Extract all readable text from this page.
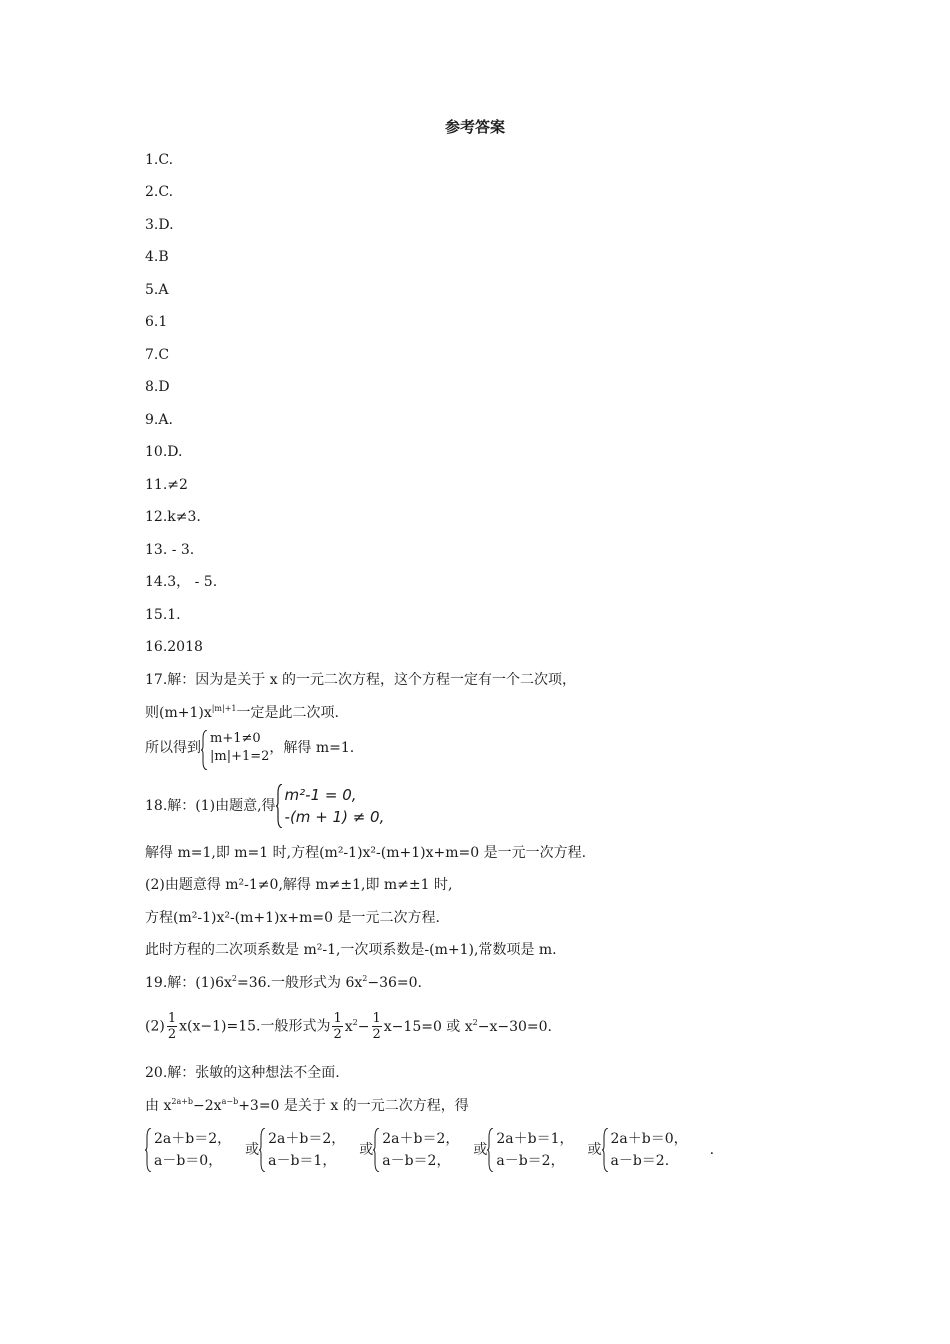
参考答案
1.C.
2.C.
3.D.
4.B
5.A
6.1
7.C
8.D
9.A.
10.D.
11.≠2
12.k≠3.
13. - 3.
14.3， - 5.
15.1.
16.2018
17.解：因为是关于 x 的一元二次方程，这个方程一定有一个二次项，
则$(m+1)x^{|m|+1}$一定是此二次项.
所以得到
m+1≠0
|m|+1=2
，解得 m=1.
18.解：(1)由题意,得
m²-1 = 0,
-(m + 1) ≠ 0,
解得 m=1,即 m=1 时,方程(m²-1)x²-(m+1)x+m=0 是一元一次方程.
(2)由题意得 m²-1≠0,解得 m≠±1,即 m≠±1 时,
方程(m²-1)x²-(m+1)x+m=0 是一元二次方程.
此时方程的二次项系数是 m²-1,一次项系数是-(m+1),常数项是 m.
19.解：$(1)6x^2=36$.一般形式为 $6x^2-36=0$.
$(2) \frac{1}{2} x(x-1)=15$.一般形式为 $\frac{1}{2} x^2- \frac{1}{2} x-15=0$ 或 $x^2-x-30=0$.
20.解：张敏的这种想法不全面.
由 $x^{2a+b}-2x^{a-b}+3=0$ 是关于 x 的一元二次方程，得
2a＋b＝2，
a－b＝0，
或
2a＋b＝2，
a－b＝1，
或
2a＋b＝2，
a－b＝2，
或
2a＋b＝1，
a－b＝2，
或
2a＋b＝0，
a－b＝2.
.
